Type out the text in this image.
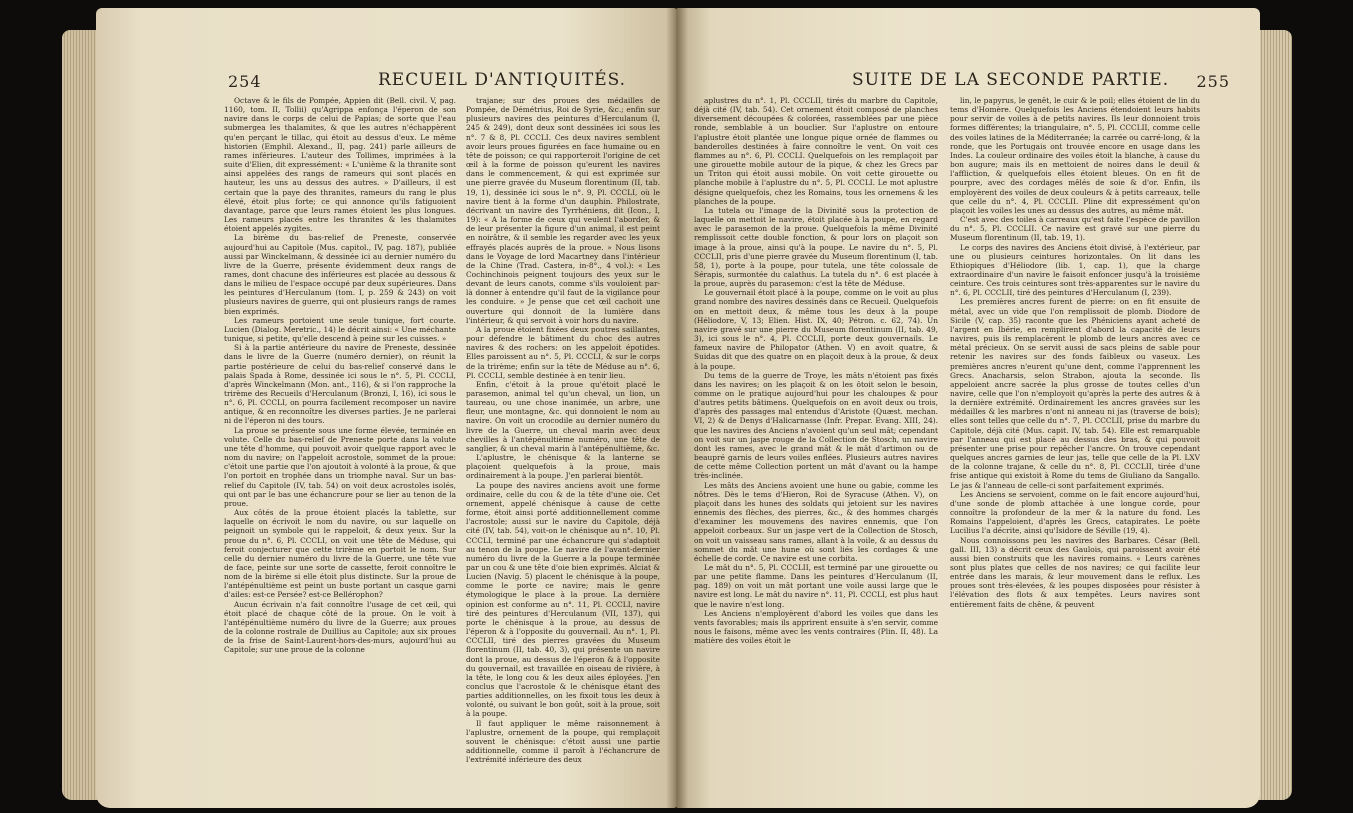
254	RECUEIL D'ANTIQUITÉS.

Octave & le fils de Pompée, Appien dit (Bell. civil. V, pag. 1160, tom. II, Tollii) qu'Agrippa enfonça l'éperon de son navire dans le corps de celui de Papias; de sorte que l'eau submergea les thalamites, & que les autres n'échappèrent qu'en perçant le tillac, qui étoit au dessus d'eux. Le même historien (Emphil. Alexand., II, pag. 241) parle ailleurs de rames inférieures. L'auteur des Tollimes, imprimées à la suite d'Elien, dit expressément: « L'unième & la thranite sont ainsi appelées des rangs de rameurs qui sont placés en hauteur, les uns au dessus des autres. » D'ailleurs, il est certain que la paye des thranites, rameurs du rang le plus élevé, étoit plus forte; ce qui annonce qu'ils fatiguoient davantage, parce que leurs rames étoient les plus longues. Les rameurs placés entre les thranites & les thalamites étoient appelés zygites.

La birème du bas-relief de Preneste, conservée aujourd'hui au Capitole (Mus. capitol., IV, pag. 187), publiée aussi par Winckelmann, & dessinée ici au dernier numéro du livre de la Guerre, présente évidemment deux rangs de rames, dont chacune des inférieures est placée au dessous & dans le milieu de l'espace occupé par deux supérieures. Dans les peintures d'Herculanum (tom. I, p. 259 & 243) on voit plusieurs navires de guerre, qui ont plusieurs rangs de rames bien exprimés.

Les rameurs portoient une seule tunique, fort courte. Lucien (Dialog. Meretric., 14) le décrit ainsi: « Une méchante tunique, si petite, qu'elle descend à peine sur les cuisses. »

Si à la partie antérieure du navire de Preneste, dessinée dans le livre de la Guerre (numéro dernier), on réunit la partie postérieure de celui du bas-relief conservé dans le palais Spada à Rome, dessinée ici sous le n°. 5, Pl. CCCLI, d'après Winckelmann (Mon. ant., 116), & si l'on rapproche la trirème des Recueils d'Herculanum (Bronzi, I, 16), ici sous le n°. 6, Pl. CCCLI, on pourra facilement recomposer un navire antique, & en reconnoître les diverses parties. Je ne parlerai ni de l'éperon ni des tours.

La proue se présente sous une forme élevée, terminée en volute. Celle du bas-relief de Preneste porte dans la volute une tête d'homme, qui pouvoit avoir quelque rapport avec le nom du navire; on l'appeloit acrostole, sommet de la proue: c'étoit une partie que l'on ajoutoit à volonté à la proue, & que l'on portoit en trophée dans un triomphe naval. Sur un bas-relief du Capitole (IV, tab. 54) on voit deux acrostoles isolés, qui ont par le bas une échancrure pour se lier au tenon de la proue.

Aux côtés de la proue étoient placés la tablette, sur laquelle on écrivoit le nom du navire, ou sur laquelle on peignoit un symbole qui le rappeloit, & deux yeux. Sur la proue du n°. 6, Pl. CCCLI, on voit une tête de Méduse, qui feroit conjecturer que cette trirème en portoit le nom. Sur celle du dernier numéro du livre de la Guerre, une tête vue de face, peinte sur une sorte de cassette, feroit connoître le nom de la birème si elle étoit plus distincte. Sur la proue de l'antépénultième est peint un buste portant un casque garni d'ailes: est-ce Persée? est-ce Bellérophon?

Aucun écrivain n'a fait connoître l'usage de cet œil, qui étoit placé de chaque côté de la proue. On le voit à l'antépénultième numéro du livre de la Guerre; aux proues de la colonne rostrale de Duillius au Capitole; aux six proues de la frise de Saint-Laurent-hors-des-murs, aujourd'hui au Capitole; sur une proue de la colonne

trajane; sur des proues des médailles de Pompée, de Démétrius, Roi de Syrie, &c.; enfin sur plusieurs navires des peintures d'Herculanum (I, 245 & 249), dont deux sont dessinées ici sous les n°. 7 & 8, Pl. CCCLI. Ces deux navires semblent avoir leurs proues figurées en face humaine ou en tête de poisson; ce qui rapporteroit l'origine de cet œil à la forme de poisson qu'eurent les navires dans le commencement, & qui est exprimée sur une pierre gravée du Museum florentinum (II, tab. 19, 1), dessinée ici sous le n°. 9, Pl. CCCLI, où le navire tient à la forme d'un dauphin. Philostrate, décrivant un navire des Tyrrhéniens, dit (Icon., I, 19): « A la forme de ceux qui veulent l'aborder, & de leur présenter la figure d'un animal, il est peint en noirâtre, & il semble les regarder avec les yeux effrayés placés auprès de la proue. » Nous lisons dans le Voyage de lord Macartney dans l'intérieur de la Chine (Trad. Castera, in-8°., 4 vol.): « Les Cochinchinois peignent toujours des yeux sur le devant de leurs canots, comme s'ils vouloient par-là donner à entendre qu'il faut de la vigilance pour les conduire. » Je pense que cet œil cachoit une ouverture qui donnoit de la lumière dans l'intérieur, & qui servoit à voir hors du navire.

A la proue étoient fixées deux poutres saillantes, pour défendre le bâtiment du choc des autres navires & des rochers: on les appeloit épotides. Elles paroissent au n°. 5, Pl. CCCLI, & sur le corps de la trirème; enfin sur la tête de Méduse au n°. 6, Pl. CCCLI, semble destinée à en tenir lieu.

Enfin, c'étoit à la proue qu'étoit placé le parasemon, animal tel qu'un cheval, un lion, un taureau, ou une chose inanimée, un arbre, une fleur, une montagne, &c. qui donnoient le nom au navire. On voit un crocodile au dernier numéro du livre de la Guerre, un cheval marin avec deux chevilles à l'antépénultième numéro, une tête de sanglier, & un cheval marin à l'antépénultième, &c.

L'aplustre, le chénisque & la lanterne se plaçoient quelquefois à la proue, mais ordinairement à la poupe. J'en parlerai bientôt.

La poupe des navires anciens avoit une forme ordinaire, celle du cou & de la tête d'une oie. Cet ornement, appelé chénisque à cause de cette forme, étoit ainsi porté additionnellement comme l'acrostole; aussi sur le navire du Capitole, déjà cité (IV, tab. 54), voit-on le chénisque au n°. 10, Pl. CCCLI, terminé par une échancrure qui s'adaptoit au tenon de la poupe. Le navire de l'avant-dernier numéro du livre de la Guerre a la poupe terminée par un cou & une tête d'oie bien exprimés. Alciat & Lucien (Navig. 5) placent le chénisque à la poupe, comme le porte ce navire; mais le genre étymologique le place à la proue. La dernière opinion est conforme au n°. 11, Pl. CCCLI, navire tiré des peintures d'Herculanum (VII, 137), qui porte le chénisque à la proue, au dessus de l'éperon & à l'opposite du gouvernail. Au n°. 1, Pl. CCCLII, tiré des pierres gravées du Museum florentinum (II, tab. 40, 3), qui présente un navire dont la proue, au dessus de l'éperon & à l'opposite du gouvernail, est travaillée en oiseau de rivière, à la tête, le long cou & les deux ailes éployées. J'en conclus que l'acrostole & le chénisque étant des parties additionnelles, on les fixoit tous les deux à volonté, ou suivant le bon goût, soit à la proue, soit à la poupe.

Il faut appliquer le même raisonnement à l'aplustre, ornement de la poupe, qui remplaçoit souvent le chénisque: c'étoit aussi une partie additionnelle, comme il paroît à l'échancrure de l'extrémité inférieure des deux

SUITE DE LA SECONDE PARTIE. 255

aplustres du n°. 1, Pl. CCCLII, tirés du marbre du Capitole, déjà cité (IV, tab. 54). Cet ornement étoit composé de planches diversement découpées & colorées, rassemblées par une pièce ronde, semblable à un bouclier. Sur l'aplustre on entoure l'aplustre étoit plantée une longue pique ornée de flammes ou banderolles destinées à faire connoître le vent. On voit ces flammes au n°. 6, Pl. CCCLI. Quelquefois on les remplaçoit par une girouette mobile autour de la pique, & chez les Grecs par un Triton qui étoit aussi mobile. On voit cette girouette ou planche mobile à l'aplustre du n°. 5, Pl. CCCLI. Le mot aplustre désigne quelquefois, chez les Romains, tous les ornemens & les planches de la poupe.

La tutela ou l'image de la Divinité sous la protection de laquelle on mettoit le navire, étoit placée à la poupe, en regard avec le parasemon de la proue. Quelquefois la même Divinité remplissoit cette double fonction, & pour lors on plaçoit son image à la proue, ainsi qu'à la poupe. Le navire du n°. 5, Pl. CCCLII, pris d'une pierre gravée du Museum florentinum (I, tab. 58, 1), porte à la poupe, pour tutela, une tête colossale de Sérapis, surmontée du calathus. La tutela du n°. 6 est placée à la proue, auprès du parasemon: c'est la tête de Méduse.

Le gouvernail étoit placé à la poupe, comme on le voit au plus grand nombre des navires dessinés dans ce Recueil. Quelquefois on en mettoit deux, & même tous les deux à la poupe (Héliodore, V, 13; Elien. Hist. IX, 40; Pétron. c. 62, 74). Un navire gravé sur une pierre du Museum florentinum (II, tab. 49, 3), ici sous le n°. 4, Pl. CCCLII, porte deux gouvernails. Le fameux navire de Philopator (Athen. V) en avoit quatre, & Suidas dit que des quatre on en plaçoit deux à la proue, & deux à la poupe.

Du tems de la guerre de Troye, les mâts n'étoient pas fixés dans les navires; on les plaçoit & on les ôtoit selon le besoin, comme on le pratique aujourd'hui pour les chaloupes & pour d'autres petits bâtimens. Quelquefois on en avoit deux ou trois, d'après des passages mal entendus d'Aristote (Quæst. mechan. VI, 2) & de Denys d'Halicarnasse (Infr. Prepar. Evang. XIII, 24). que les navires des Anciens n'avoient qu'un seul mât; cependant on voit sur un jaspe rouge de la Collection de Stosch, un navire dont les rames, avec le grand mât & le mât d'artimon ou de beaupré garnis de leurs voiles enflées. Plusieurs autres navires de cette même Collection portent un mât d'avant ou la hampe très-inclinée.

Les mâts des Anciens avoient une hune ou gabie, comme les nôtres. Dès le tems d'Hieron, Roi de Syracuse (Athen. V), on plaçoit dans les hunes des soldats qui jetoient sur les navires ennemis des flèches, des pierres, &c., & des hommes chargés d'examiner les mouvemens des navires ennemis, que l'on appeloit corbeaux. Sur un jaspe vert de la Collection de Stosch, on voit un vaisseau sans rames, allant à la voile, & au dessus du sommet du mât une hune où sont liés les cordages & une échelle de corde. Ce navire est une corbita.

Le mât du n°. 5, Pl. CCCLII, est terminé par une girouette ou par une petite flamme. Dans les peintures d'Herculanum (II, pag. 189) on voit un mât portant une voile aussi large que le navire est long. Le mât du navire n°. 11, Pl. CCCLI, est plus haut que le navire n'est long.

Les Anciens n'employèrent d'abord les voiles que dans les vents favorables; mais ils apprirent ensuite à s'en servir, comme nous le faisons, même avec les vents contraires (Plin. II, 48). La matière des voiles étoit le

lin, le papyrus, le genêt, le cuir & le poil; elles étoient de lin du tems d'Homère. Quelquefois les Anciens étendoient leurs habits pour servir de voiles à de petits navires. Ils leur donnoient trois formes différentes; la triangulaire, n°. 5, Pl. CCCLII, comme celle des voiles latines de la Méditerranée; la carrée ou carré-long, & la ronde, que les Portugais ont trouvée encore en usage dans les Indes. La couleur ordinaire des voiles étoit la blanche, à cause du bon augure; mais ils en mettoient de noires dans le deuil & l'affliction, & quelquefois elles étoient bleues. On en fit de pourpre, avec des cordages mêlés de soie & d'or. Enfin, ils employèrent des voiles de deux couleurs & à petits carreaux, telle que celle du n°. 4, Pl. CCCLII. Pline dit expressément qu'on plaçoit les voiles les unes au dessus des autres, au même mât.

C'est avec des toiles à carreaux qu'est faite l'espèce de pavillon du n°. 5, Pl. CCCLII. Ce navire est gravé sur une pierre du Museum florentinum (II, tab. 19, 1).

Le corps des navires des Anciens étoit divisé, à l'extérieur, par une ou plusieurs ceintures horizontales. On lit dans les Ethiopiques d'Héliodore (lib. 1, cap. 1), que la charge extraordinaire d'un navire le faisoit enfoncer jusqu'à la troisième ceinture. Ces trois ceintures sont très-apparentes sur le navire du n°. 6, Pl. CCCLII, tiré des peintures d'Herculanum (I, 239).

Les premières ancres furent de pierre: on en fit ensuite de métal, avec un vide que l'on remplissoit de plomb. Diodore de Sicile (V, cap. 35) raconte que les Phéniciens ayant acheté de l'argent en Ibérie, en remplirent d'abord la capacité de leurs navires, puis ils remplacèrent le plomb de leurs ancres avec ce métal précieux. On se servit aussi de sacs pleins de sable pour retenir les navires sur des fonds faibleux ou vaseux. Les premières ancres n'eurent qu'une dent, comme l'apprennent les Grecs. Anacharsis, selon Strabon, ajouta la seconde. Ils appeloient ancre sacrée la plus grosse de toutes celles d'un navire, celle que l'on n'employoit qu'après la perte des autres & à la dernière extrémité. Ordinairement les ancres gravées sur les médailles & les marbres n'ont ni anneau ni jas (traverse de bois); elles sont telles que celle du n°. 7, Pl. CCCLII, prise du marbre du Capitole, déjà cité (Mus. capit. IV, tab. 54). Elle est remarquable par l'anneau qui est placé au dessus des bras, & qui pouvoit présenter une prise pour repêcher l'ancre. On trouve cependant quelques ancres garnies de leur jas, telle que celle de la Pl. LXV de la colonne trajane, & celle du n°. 8, Pl. CCCLII, tirée d'une frise antique qui existoit à Rome du tems de Giuliano da Sangallo. Le jas & l'anneau de celle-ci sont parfaitement exprimés.

Les Anciens se servoient, comme on le fait encore aujourd'hui, d'une sonde de plomb attachée à une longue corde, pour connoître la profondeur de la mer & la nature du fond. Les Romains l'appeloient, d'après les Grecs, catapirates. Le poète Lucilius l'a décrite, ainsi qu'Isidore de Séville (19, 4).

Nous connoissons peu les navires des Barbares. César (Bell. gall. III, 13) a décrit ceux des Gaulois, qui paroissent avoir été aussi bien construits que les navires romains. « Leurs carènes sont plus plates que celles de nos navires; ce qui facilite leur entrée dans les marais, & leur mouvement dans le reflux. Les proues sont très-élevées, & les poupes disposées pour résister à l'élévation des flots & aux tempêtes. Leurs navires sont entièrement faits de chêne, & peuvent
